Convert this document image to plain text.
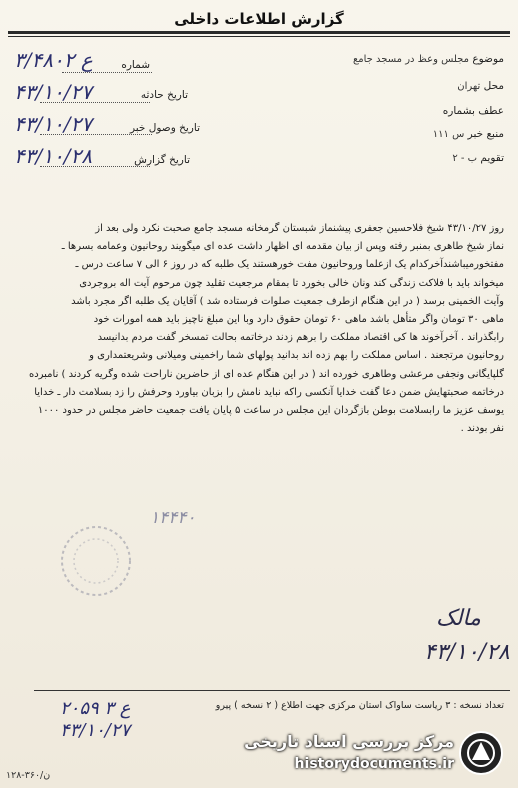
گزارش اطلاعات داخلی
شماره
۳/۴۸۰ع ۲
تاریخ حادثه
۴۳/۱۰/۲۷
تاریخ وصول خبر
۴۳/۱۰/۲۷
تاریخ گزارش
۴۳/۱۰/۲۸
موضوع مجلس وعظ در مسجد جامع
محل تهران
عطف بشماره
منبع خبر س ۱۱۱
تقویم ب - ۲

روز ۴۳/۱۰/۲۷ شیخ فلاحسین جعفری پیشنماز شبستان گرمخانه مسجد جامع صحبت نکرد ولی بعد از

نماز شیخ طاهری بمنبر رفته وپس از بیان مقدمه ای اظهار داشت عده ای میگویند روحانیون وعمامه بسرها ـ

مفتخورمیباشندآخرکدام یک ازعلما وروحانیون مفت خورهستند یک طلبه که در روز ۶ الی ۷ ساعت درس ـ

میخواند باید با فلاکت زندگی کند ونان خالی بخورد تا بمقام مرجعیت تقلید چون مرحوم آیت اله بروجردی

وآیت الخمینی برسد ( در این هنگام ازطرف جمعیت صلوات فرستاده شد ) آقایان یک طلبه اگر مجرد باشد

ماهی ۳۰ تومان واگر متأهل باشد ماهی ۶۰ تومان حقوق دارد وبا این مبلغ ناچیز باید همه امورات خود

رابگذراند . آخرآخوند ها کی اقتصاد مملکت را برهم زدند درخاتمه بحالت تمسخر گفت مردم بدانیسد

روحانیون مرتجعند . اساس مملکت را بهم زده اند بدانید پولهای شما راخمینی ومیلانی وشریعتمداری و

گلپایگانی ونجفی مرعشی وطاهری خورده اند ( در این هنگام عده ای از حاضرین ناراحت شده وگریه کردند ) نامبرده

درخاتمه صحبتهایش ضمن دعا گفت خدایا آنکسی راکه نباید نامش را بزبان بیاورد وحرفش را زد بسلامت دار ـ خدایا

یوسف عزیز ما رابسلامت بوطن بازگردان این مجلس در ساعت ۵ پایان یافت جمعیت حاضر مجلس در حدود ۱۰۰۰

نفر بودند .

۱۴۴۴۰
مالک
۴۳/۱۰/۲۸
تعداد نسخه : ۳ ریاست ساواک استان مرکزی جهت اطلاع ( ۲ نسخه ) پیرو
۲۰۵۹ ع ۳
۴۳/۱۰/۲۷
۱۲۸-۳۶۰/ن
مرکز بررسی اسناد تاریخی
historydocuments.ir
